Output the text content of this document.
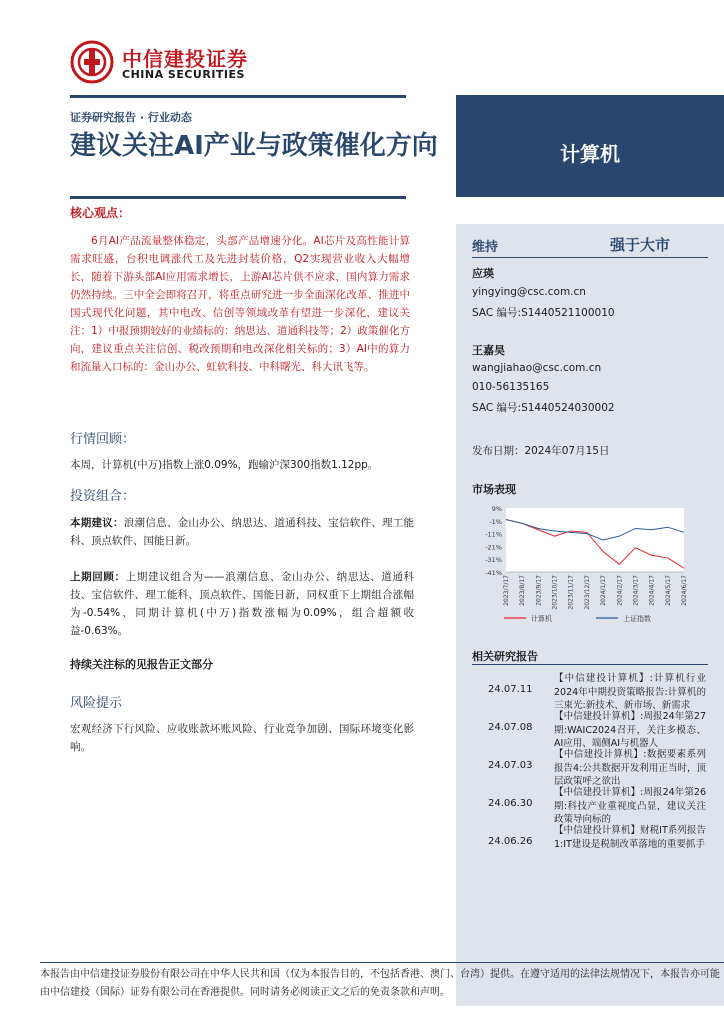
中信建投证券
CHINA SECURITIES
计算机
证券研究报告 · 行业动态
建议关注AI产业与政策催化方向
核心观点：
6月AI产品流量整体稳定，头部产品增速分化。AI芯片及高性能计算需求旺盛，台积电调涨代工及先进封装价格，Q2实现营业收入大幅增长，随着下游头部AI应用需求增长，上游AI芯片供不应求，国内算力需求仍然持续。三中全会即将召开，将重点研究进一步全面深化改革、推进中国式现代化问题，其中电改、信创等领域改革有望进一步深化，建议关注：1）中报预期较好的业绩标的：纳思达、道通科技等；2）政策催化方向，建议重点关注信创、税改预期和电改深化相关标的；3）AI中的算力和流量入口标的：金山办公、虹软科技、中科曙光、科大讯飞等。
行情回顾：
本周，计算机(中万)指数上涨0.09%，跑输沪深300指数1.12pp。
投资组合：
本期建议：浪潮信息、金山办公、纳思达、道通科技、宝信软件、理工能科、顶点软件、国能日新。
上期回顾：上期建议组合为——浪潮信息、金山办公、纳思达、道通科技、宝信软件、理工能科、顶点软件、国能日新，同权重下上期组合涨幅为-0.54%，同期计算机(中万)指数涨幅为0.09%，组合超额收益-0.63%。
持续关注标的见报告正文部分
风险提示
宏观经济下行风险、应收账款坏账风险、行业竞争加剧、国际环境变化影响。
维持	强于大市
应瑛
yingying@csc.com.cn
SAC 编号:S1440521100010
王嘉昊
wangjiahao@csc.com.cn
010-56135165
SAC 编号:S1440524030002
发布日期：2024年07月15日
市场表现
9%
-1%
-11%
-21%
-31%
-41%
2023/7/17 2023/8/17 2023/9/17 2023/10/17 2023/11/17 2023/12/17 2024/1/17 2024/2/17 2024/3/17 2024/4/17 2024/5/17 2024/6/17
计算机	上证指数
相关研究报告
24.07.11
【中信建投计算机】:计算机行业2024年中期投资策略报告:计算机的三束光:新技术、新市场、新需求
24.07.08
【中信建投计算机】:周报24年第27期:WAIC2024召开，关注多模态、AI应用、端侧AI与机器人
24.07.03
【中信建投计算机】:数据要素系列报告4:公共数据开发利用正当时，顶层政策呼之欲出
24.06.30
【中信建投计算机】:周报24年第26期:科技产业重视度凸显，建议关注政策导向标的
24.06.26
【中信建投计算机】财税IT系列报告1:IT建设是税制改革落地的重要抓手
本报告由中信建投证券股份有限公司在中华人民共和国（仅为本报告目的，不包括香港、澳门、台湾）提供。在遵守适用的法律法规情况下，本报告亦可能由中信建投（国际）证券有限公司在香港提供。同时请务必阅读正文之后的免责条款和声明。
